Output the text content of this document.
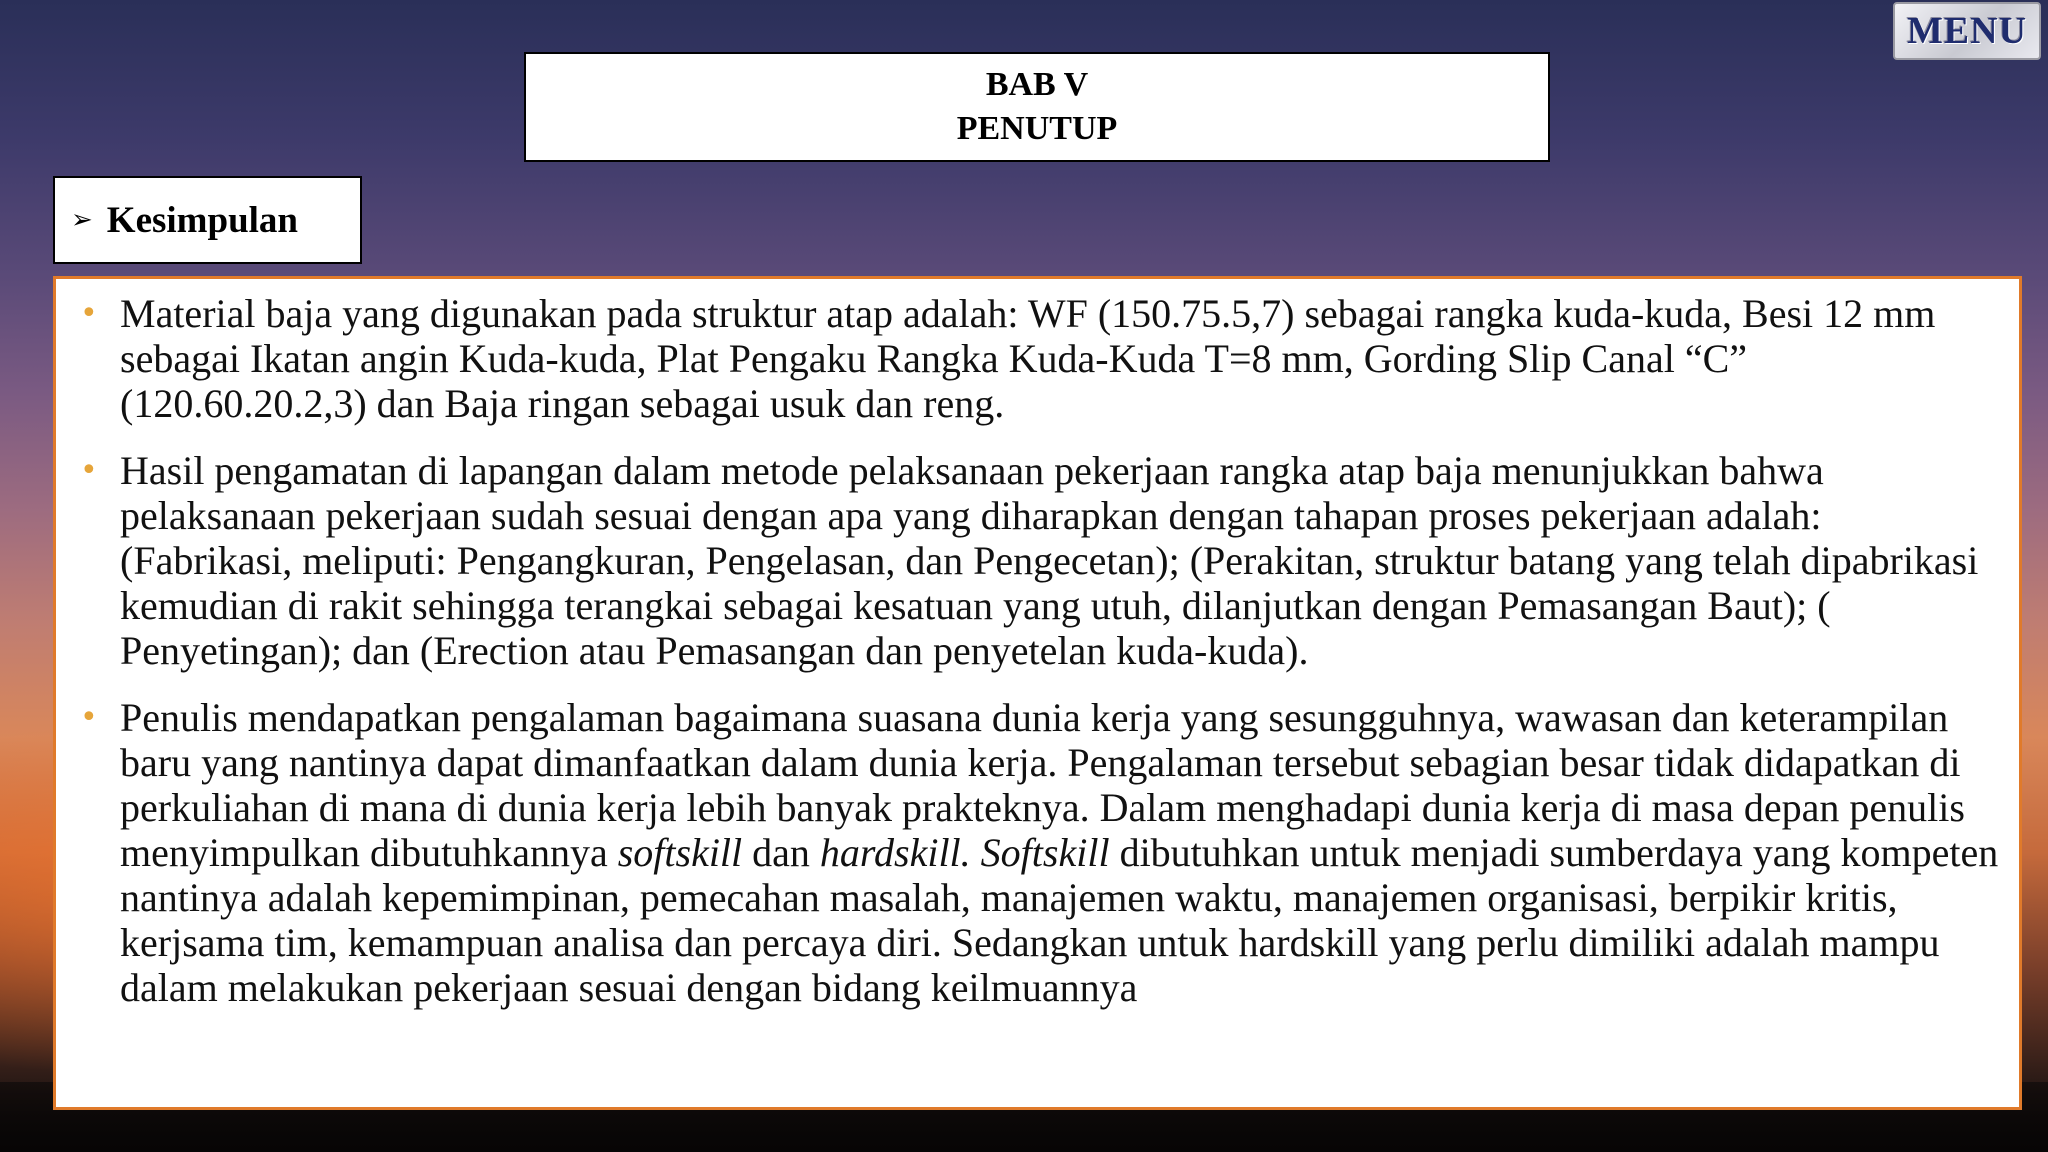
MENU
BAB V
PENUTUP
➢ Kesimpulan
• Material baja yang digunakan pada struktur atap adalah: WF (150.75.5,7) sebagai rangka kuda-kuda, Besi 12 mm sebagai Ikatan angin Kuda-kuda, Plat Pengaku Rangka Kuda-Kuda T=8 mm, Gording Slip Canal “C” (120.60.20.2,3) dan Baja ringan sebagai usuk dan reng.
• Hasil pengamatan di lapangan dalam metode pelaksanaan pekerjaan rangka atap baja menunjukkan bahwa pelaksanaan pekerjaan sudah sesuai dengan apa yang diharapkan dengan tahapan proses pekerjaan adalah: (Fabrikasi, meliputi: Pengangkuran, Pengelasan, dan Pengecetan); (Perakitan, struktur batang yang telah dipabrikasi kemudian di rakit sehingga terangkai sebagai kesatuan yang utuh, dilanjutkan dengan Pemasangan Baut); ( Penyetingan); dan (Erection atau Pemasangan dan penyetelan kuda-kuda).
• Penulis mendapatkan pengalaman bagaimana suasana dunia kerja yang sesungguhnya, wawasan dan keterampilan baru yang nantinya dapat dimanfaatkan dalam dunia kerja. Pengalaman tersebut sebagian besar tidak didapatkan di perkuliahan di mana di dunia kerja lebih banyak prakteknya. Dalam menghadapi dunia kerja di masa depan penulis menyimpulkan dibutuhkannya softskill dan hardskill. Softskill dibutuhkan untuk menjadi sumberdaya yang kompeten nantinya adalah kepemimpinan, pemecahan masalah, manajemen waktu, manajemen organisasi, berpikir kritis, kerjsama tim, kemampuan analisa dan percaya diri. Sedangkan untuk hardskill yang perlu dimiliki adalah mampu dalam melakukan pekerjaan sesuai dengan bidang keilmuannya
